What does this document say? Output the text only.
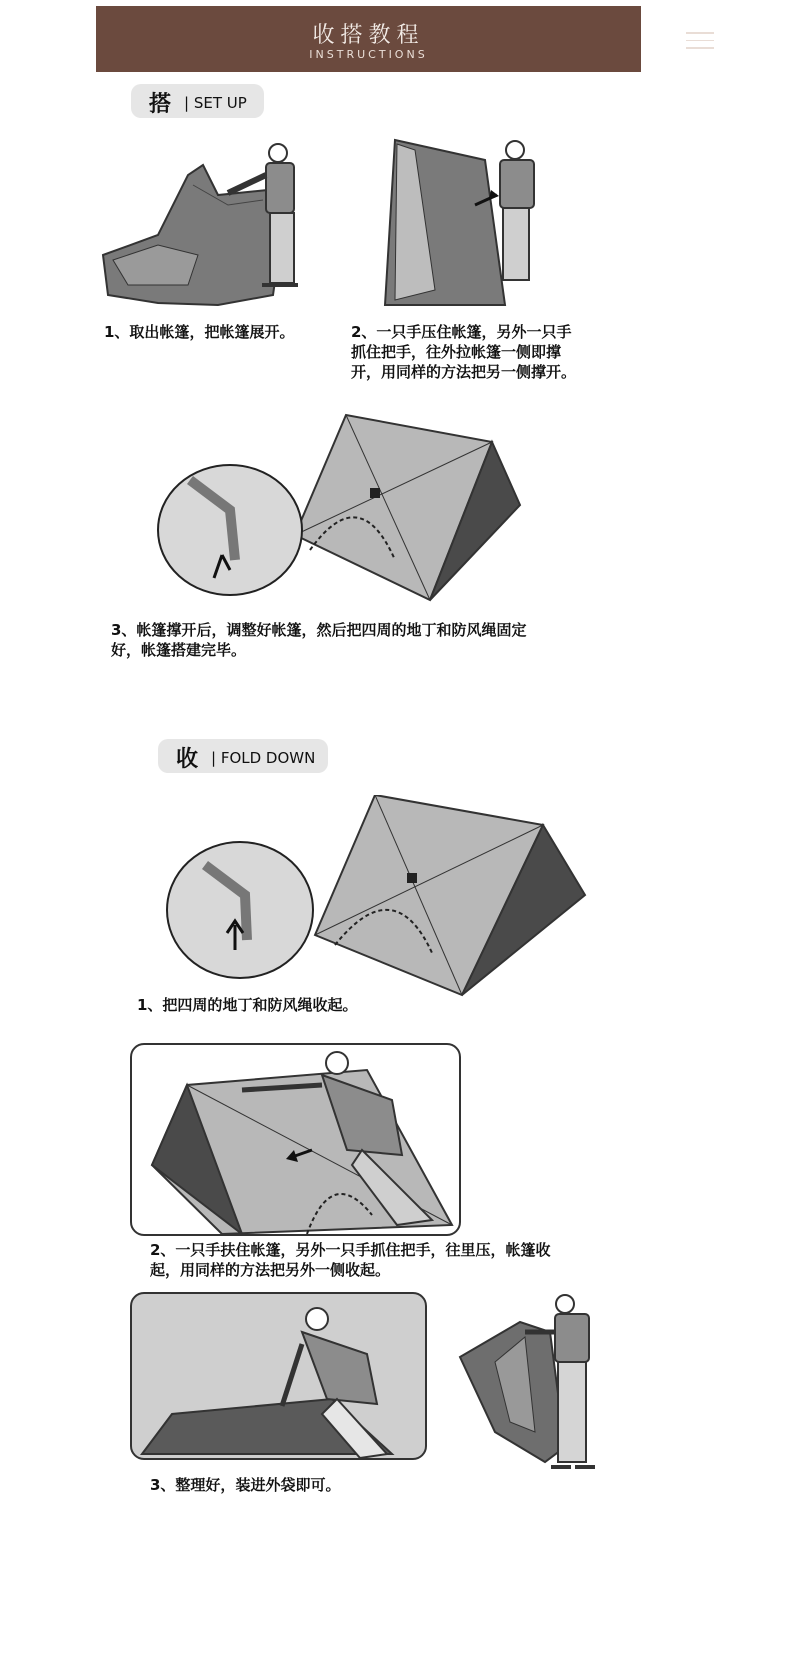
收搭教程
INSTRUCTIONS
搭 | SET UP
1、取出帐篷，把帐篷展开。	2、一只手压住帐篷，另外一只手
抓住把手，往外拉帐篷一侧即撑
开，用同样的方法把另一侧撑开。
3、帐篷撑开后，调整好帐篷，然后把四周的地丁和防风绳固定
好，帐篷搭建完毕。
收 | FOLD DOWN
1、把四周的地丁和防风绳收起。
2、一只手扶住帐篷，另外一只手抓住把手，往里压，帐篷收
起，用同样的方法把另外一侧收起。
3、整理好，装进外袋即可。
